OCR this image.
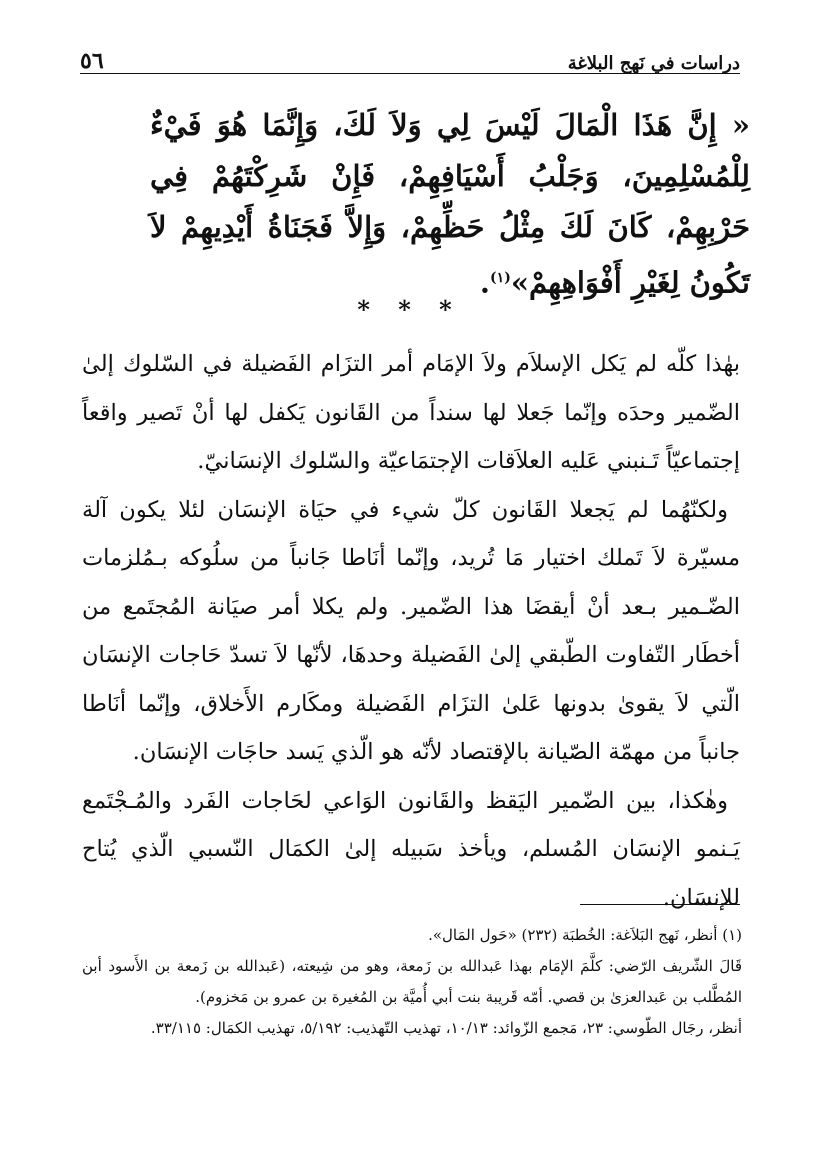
دراسات في نَهج البلاغة
٥٦
« إِنَّ هَذَا الْمَالَ لَيْسَ لِي وَلاَ لَكَ، وَإِنَّمَا هُوَ فَيْءٌ لِلْمُسْلِمِينَ، وَجَلْبُ أَسْيَافِهِمْ، فَإِنْ شَرِكْتَهُمْ فِي حَرْبِهِمْ، كَانَ لَكَ مِثْلُ حَظِّهِمْ، وَإِلاَّ فَجَنَاةُ أَيْدِيهِمْ لاَ تَكُونُ لِغَيْرِ أَفْوَاهِهِمْ»$^{(١)}$.
* * *

بهٰذا كلّه لم يَكل الإسلاَم ولاَ الإمَام أمر التزَام الفَضيلة في السّلوك إلىٰ الضّمير وحدَه وإنّما جَعلا لها سنداً من القَانون يَكفل لها أنْ تَصير واقعاً إجتماعيّاً تَـنبني عَليه العلاَقات الإجتمَاعيّة والسّلوك الإنسَانيّ.

ولكنّهُما لم يَجعلا القَانون كلّ شيء في حيَاة الإنسَان لئلا يكون آلة مسيّرة لاَ تَملك اختيار مَا تُريد، وإنّما أنَاطا جَانباً من سلُوكه بـمُلزمات الضّـمير بـعد أنْ أيقضَا هذا الضّمير. ولم يكلا أمر صيَانة المُجتَمع من أخطَار التّفاوت الطّبقي إلىٰ الفَضيلة وحدهَا، لأنّها لاَ تسدّ حَاجات الإنسَان الّتي لاَ يقوىٰ بدونها عَلىٰ التزَام الفَضيلة ومكَارم الأَخلاق، وإنّما أنَاطا جانباً من مهمّة الصّيانة بالإقتصاد لأنّه هو الّذي يَسد حاجَات الإنسَان.

وهٰكذا، بين الضّمير اليَقظ والقَانون الوَاعي لحَاجات الفَرد والمُـجْتَمع يَـنمو الإنسَان المُسلم، ويأخذ سَبيله إلىٰ الكمَال النّسبي الّذي يُتاح للإنسَان.

(١) أنظر، نَهج البَلاَغة: الخُطبَة (٢٣٢) «حَول المَال».

قَالَ الشّريف الرّضي: كلَّمَ الإمَام بهذا عَبدالله بن زَمعة، وهو من شِيعته، (عَبدالله بن زَمعة بن الأَسود أبن المُطَّلب بن عَبدالعزىٰ بن قصي. أمّه قَريبة بنت أبي أُميَّة بن المُغيرة بن عمرو بن مَخزوم).

أنظر، رجَال الطّوسي: ٢٣، مَجمع الزّوائد: ١٠/١٣، تهذيب التّهذيب: ٥/١٩٢، تهذيب الكمَال: ٣٣/١١٥.
